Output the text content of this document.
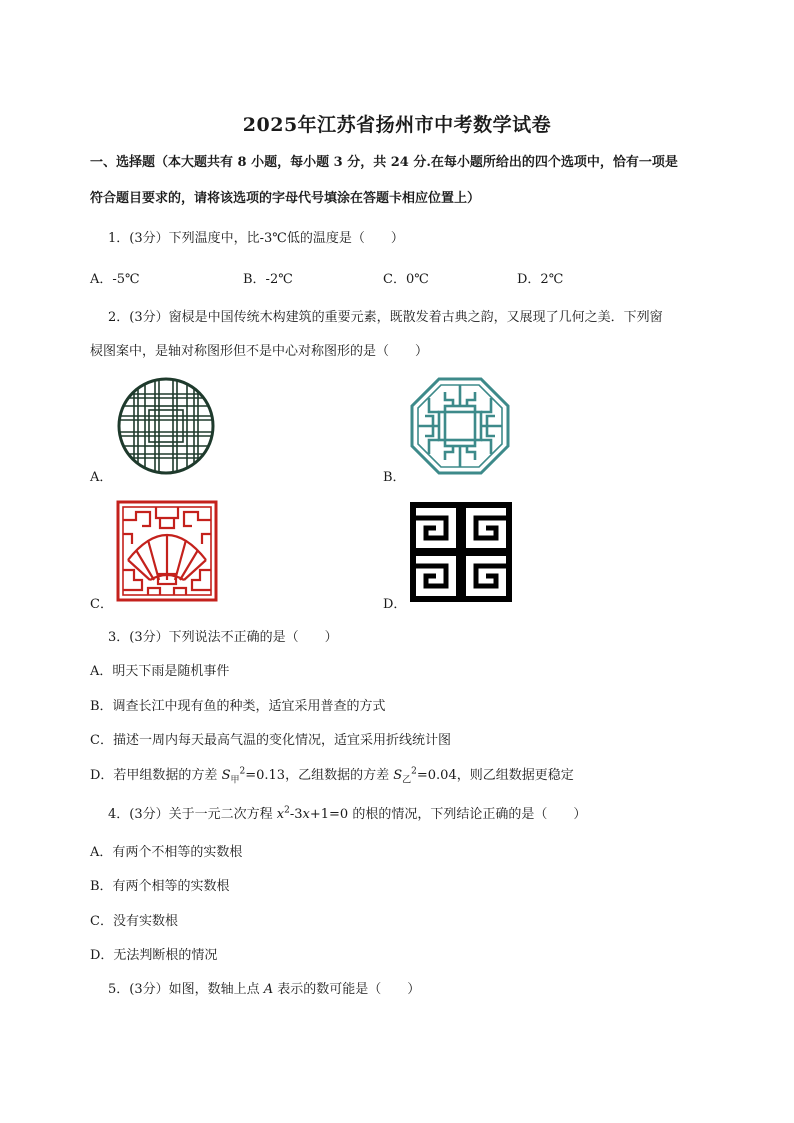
2025年江苏省扬州市中考数学试卷
一、选择题（本大题共有 8 小题，每小题 3 分，共 24 分.在每小题所给出的四个选项中，恰有一项是
符合题目要求的，请将该选项的字母代号填涂在答题卡相应位置上）
1．(3分）下列温度中，比-3℃低的温度是（　　）
A．-5℃	B．-2℃	C．0℃	D．2℃
2．(3分）窗棂是中国传统木构建筑的重要元素，既散发着古典之韵，又展现了几何之美．下列窗
棂图案中，是轴对称图形但不是中心对称图形的是（　　）
A．	B．
C．	D．
3．(3分）下列说法不正确的是（　　）
A．明天下雨是随机事件
B．调查长江中现有鱼的种类，适宜采用普查的方式
C．描述一周内每天最高气温的变化情况，适宜采用折线统计图
D．若甲组数据的方差 $S_甲^2=0.13$，乙组数据的方差 $S_乙^2=0.04$，则乙组数据更稳定
4．(3分）关于一元二次方程 $x^2-3x+1=0$ 的根的情况，下列结论正确的是（　　）
A．有两个不相等的实数根
B．有两个相等的实数根
C．没有实数根
D．无法判断根的情况
5．(3分）如图，数轴上点 A 表示的数可能是（　　）
